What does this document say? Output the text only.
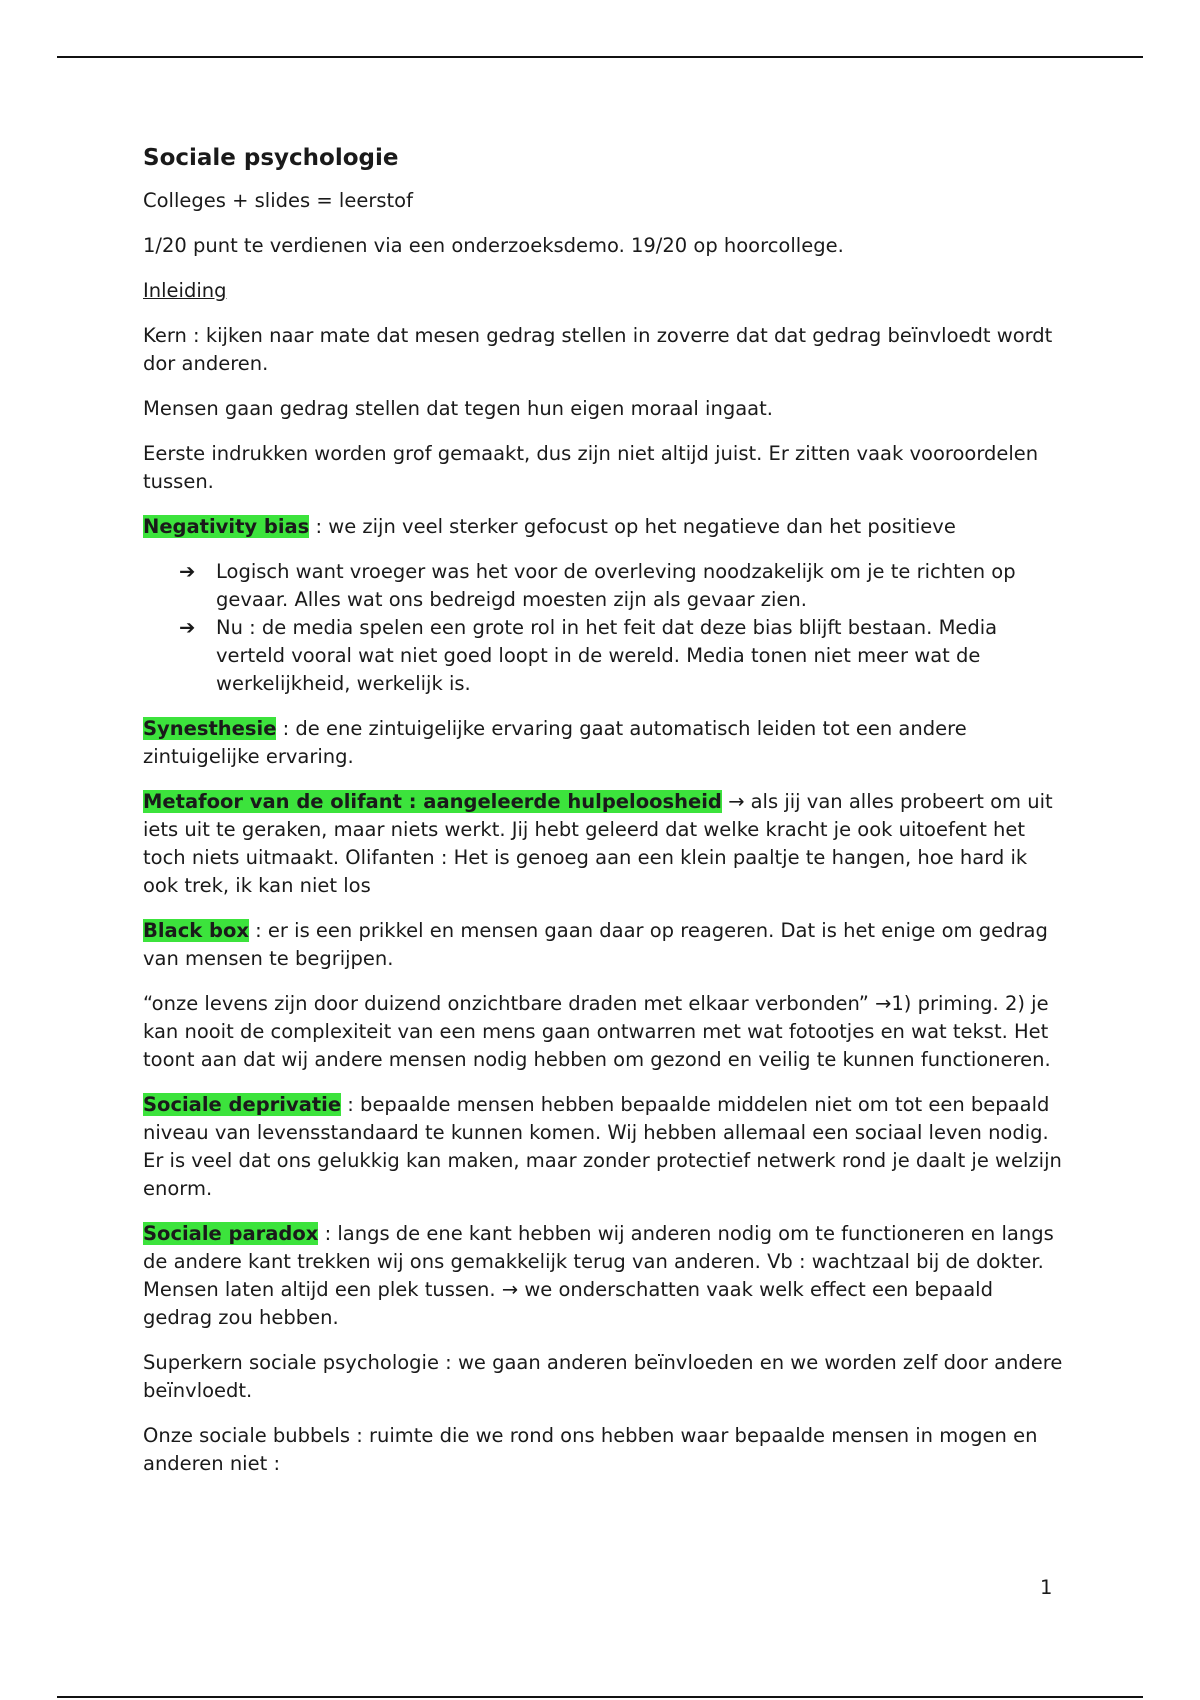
Sociale psychologie

Colleges + slides = leerstof

1/20 punt te verdienen via een onderzoeksdemo. 19/20 op hoorcollege.

Inleiding

Kern : kijken naar mate dat mesen gedrag stellen in zoverre dat dat gedrag beïnvloedt wordt dor anderen.

Mensen gaan gedrag stellen dat tegen hun eigen moraal ingaat.

Eerste indrukken worden grof gemaakt, dus zijn niet altijd juist. Er zitten vaak vooroordelen tussen.

Negativity bias : we zijn veel sterker gefocust op het negatieve dan het positieve

➔ Logisch want vroeger was het voor de overleving noodzakelijk om je te richten op gevaar. Alles wat ons bedreigd moesten zijn als gevaar zien.
➔ Nu : de media spelen een grote rol in het feit dat deze bias blijft bestaan. Media verteld vooral wat niet goed loopt in de wereld. Media tonen niet meer wat de werkelijkheid, werkelijk is.

Synesthesie : de ene zintuigelijke ervaring gaat automatisch leiden tot een andere zintuigelijke ervaring.

Metafoor van de olifant : aangeleerde hulpeloosheid → als jij van alles probeert om uit iets uit te geraken, maar niets werkt. Jij hebt geleerd dat welke kracht je ook uitoefent het toch niets uitmaakt. Olifanten : Het is genoeg aan een klein paaltje te hangen, hoe hard ik ook trek, ik kan niet los

Black box : er is een prikkel en mensen gaan daar op reageren. Dat is het enige om gedrag van mensen te begrijpen.

“onze levens zijn door duizend onzichtbare draden met elkaar verbonden” →1) priming. 2) je kan nooit de complexiteit van een mens gaan ontwarren met wat fotootjes en wat tekst. Het toont aan dat wij andere mensen nodig hebben om gezond en veilig te kunnen functioneren.

Sociale deprivatie : bepaalde mensen hebben bepaalde middelen niet om tot een bepaald niveau van levensstandaard te kunnen komen. Wij hebben allemaal een sociaal leven nodig. Er is veel dat ons gelukkig kan maken, maar zonder protectief netwerk rond je daalt je welzijn enorm.

Sociale paradox : langs de ene kant hebben wij anderen nodig om te functioneren en langs de andere kant trekken wij ons gemakkelijk terug van anderen. Vb : wachtzaal bij de dokter. Mensen laten altijd een plek tussen. → we onderschatten vaak welk effect een bepaald gedrag zou hebben.

Superkern sociale psychologie : we gaan anderen beïnvloeden en we worden zelf door andere beïnvloedt.

Onze sociale bubbels : ruimte die we rond ons hebben waar bepaalde mensen in mogen en anderen niet :

1
